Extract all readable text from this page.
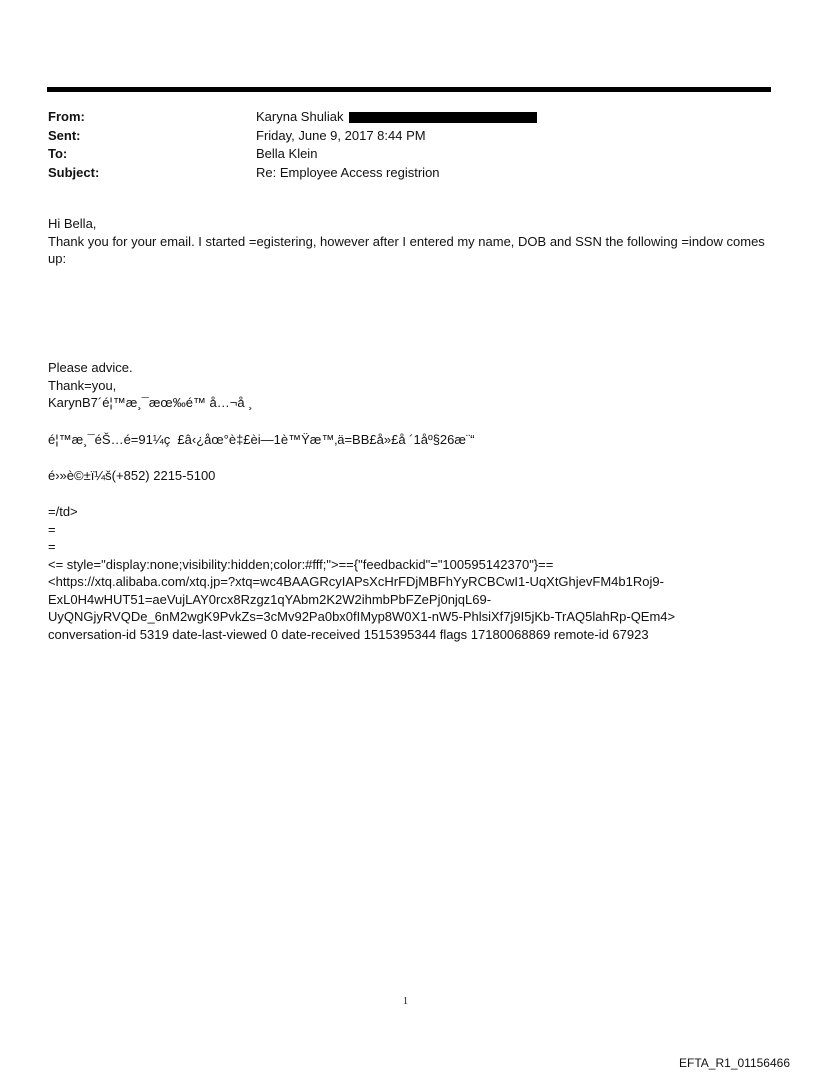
From:	Karyna Shuliak
Sent:	Friday, June 9, 2017 8:44 PM
To:	Bella Klein
Subject:	Re: Employee Access registrion
Hi Bella,
Thank you for your email. I started =egistering, however after I entered my name, DOB and SSN the following =indow comes up:
Please advice.
Thank=you,
KarynB7´é¦™æ¸¯æœ‰é™ å…¬å ¸
é¦™æ¸¯éŠ…é=91¼ç  £â‹¿åœ°è‡£èi—1è™Ÿæ™‚ä=BB£å»£å ´1åº§26æ¨“
é›»è©±ï¼š(+852) 2215-5100
=/td>
=
=
<= style="display:none;visibility:hidden;color:#fff;">=={"feedbackid"="100595142370"}==
<https://xtq.alibaba.com/xtq.jp=?xtq=wc4BAAGRcyIAPsXcHrFDjMBFhYyRCBCwI1-UqXtGhjevFM4b1Roj9-
ExL0H4wHUT51=aeVujLAY0rcx8Rzgz1qYAbm2K2W2ihmbPbFZePj0njqL69-
UyQNGjyRVQDe_6nM2wgK9PvkZs=3cMv92Pa0bx0fIMyp8W0X1-nW5-PhlsiXf7j9I5jKb-TrAQ5lahRp-QEm4>
conversation-id 5319 date-last-viewed 0 date-received 1515395344 flags 17180068869 remote-id 67923
1
EFTA_R1_01156466
